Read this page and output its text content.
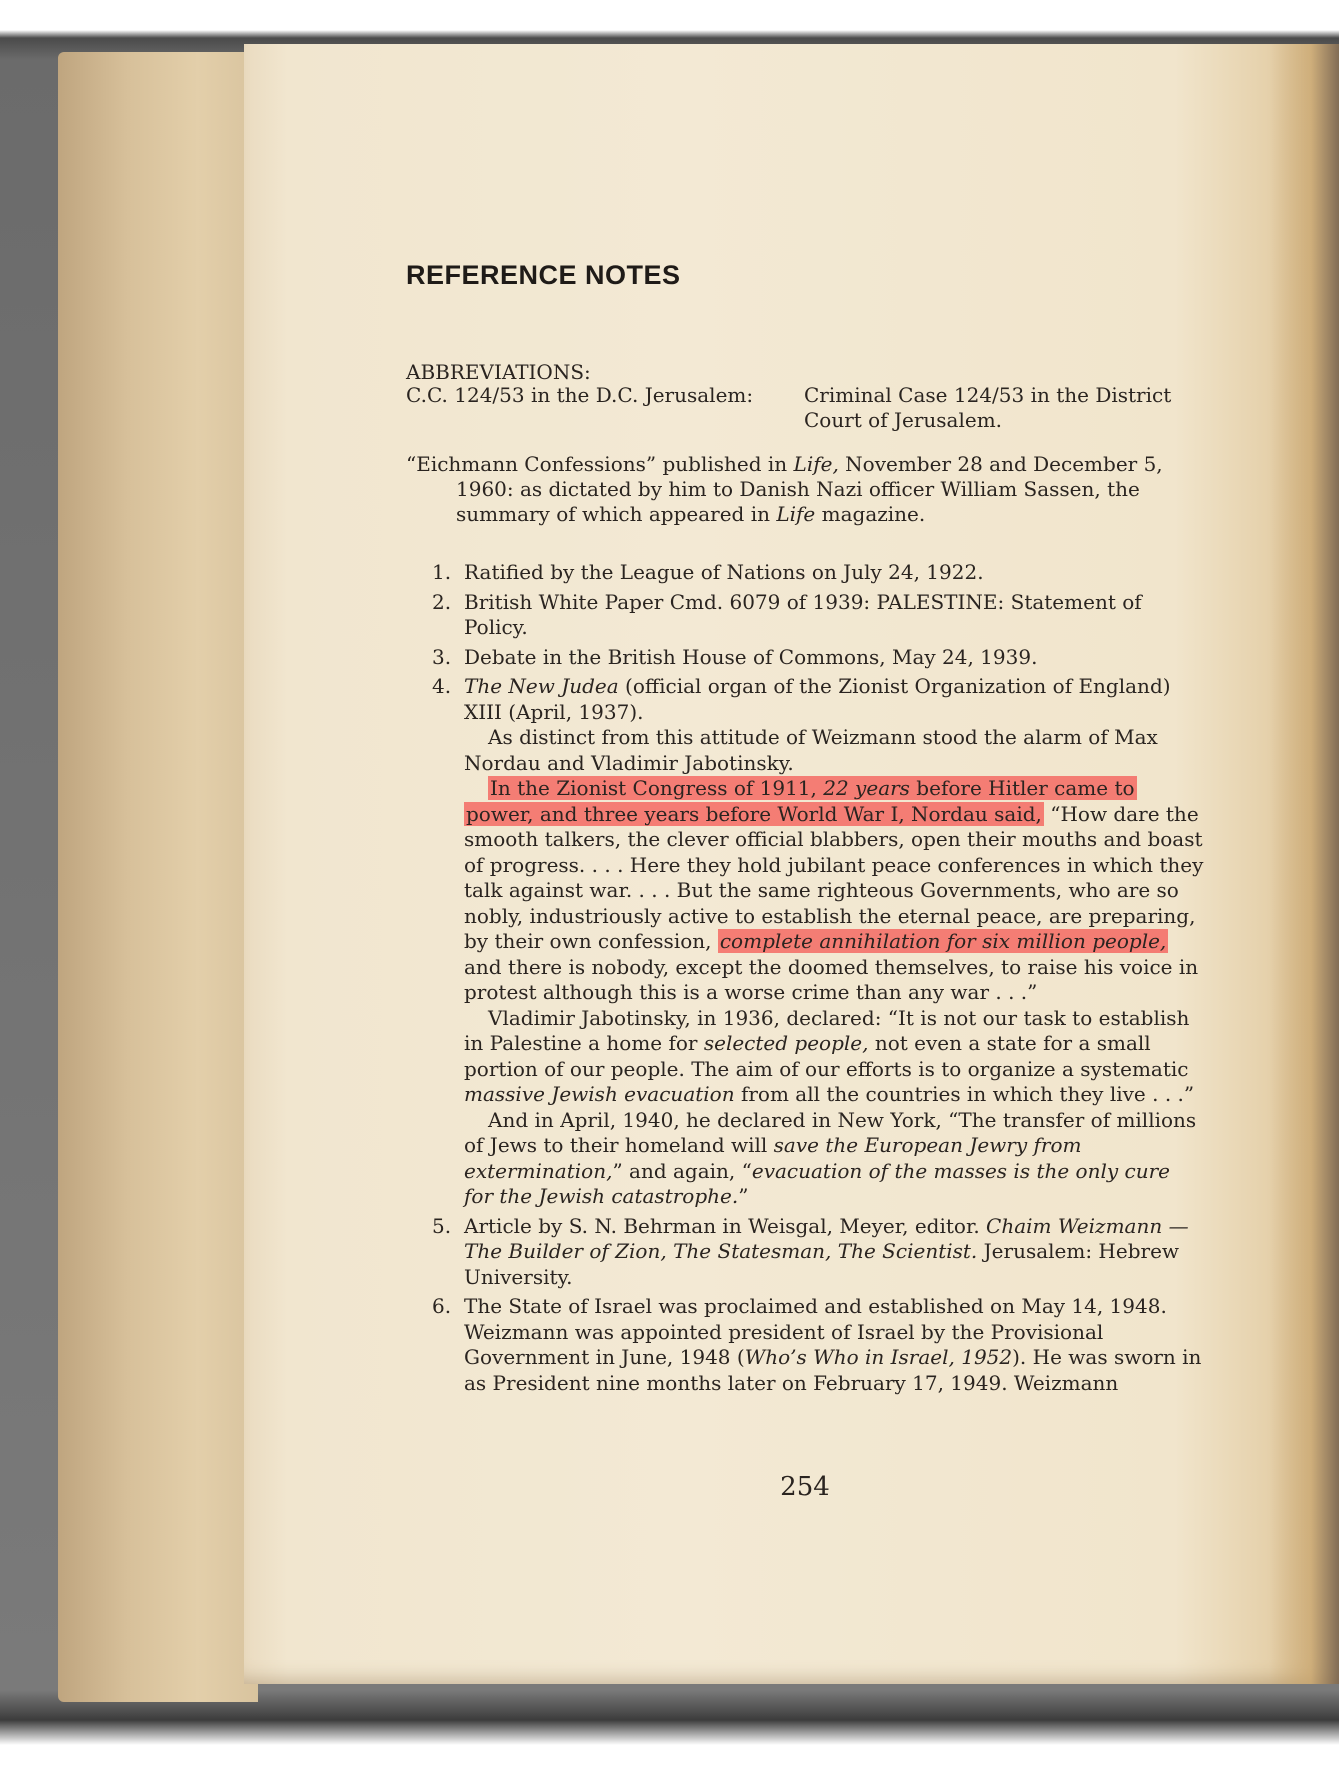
REFERENCE NOTES
ABBREVIATIONS:
C.C. 124/53 in the D.C. Jerusalem:	Criminal Case 124/53 in the District Court of Jerusalem.
“Eichmann Confessions” published in Life, November 28 and December 5, 1960: as dictated by him to Danish Nazi officer William Sassen, the summary of which appeared in Life magazine.
1. Ratified by the League of Nations on July 24, 1922.

2. British White Paper Cmd. 6079 of 1939: PALESTINE: Statement of Policy.

3. Debate in the British House of Commons, May 24, 1939.

4. The New Judea (official organ of the Zionist Organization of England) XIII (April, 1937).

As distinct from this attitude of Weizmann stood the alarm of Max Nordau and Vladimir Jabotinsky.

In the Zionist Congress of 1911, 22 years before Hitler came to power, and three years before World War I, Nordau said, “How dare the smooth talkers, the clever official blabbers, open their mouths and boast of progress. . . . Here they hold jubilant peace conferences in which they talk against war. . . . But the same righteous Governments, who are so nobly, industriously active to establish the eternal peace, are preparing, by their own confession, complete annihilation for six million people, and there is nobody, except the doomed themselves, to raise his voice in protest although this is a worse crime than any war . . .”

Vladimir Jabotinsky, in 1936, declared: “It is not our task to establish in Palestine a home for selected people, not even a state for a small portion of our people. The aim of our efforts is to organize a systematic massive Jewish evacuation from all the countries in which they live . . .”

And in April, 1940, he declared in New York, “The transfer of millions of Jews to their homeland will save the European Jewry from extermination,” and again, “evacuation of the masses is the only cure for the Jewish catastrophe.”

5. Article by S. N. Behrman in Weisgal, Meyer, editor. Chaim Weizmann —The Builder of Zion, The Statesman, The Scientist. Jerusalem: Hebrew University.

6. The State of Israel was proclaimed and established on May 14, 1948. Weizmann was appointed president of Israel by the Provisional Government in June, 1948 (Who’s Who in Israel, 1952). He was sworn in as President nine months later on February 17, 1949. Weizmann

254
